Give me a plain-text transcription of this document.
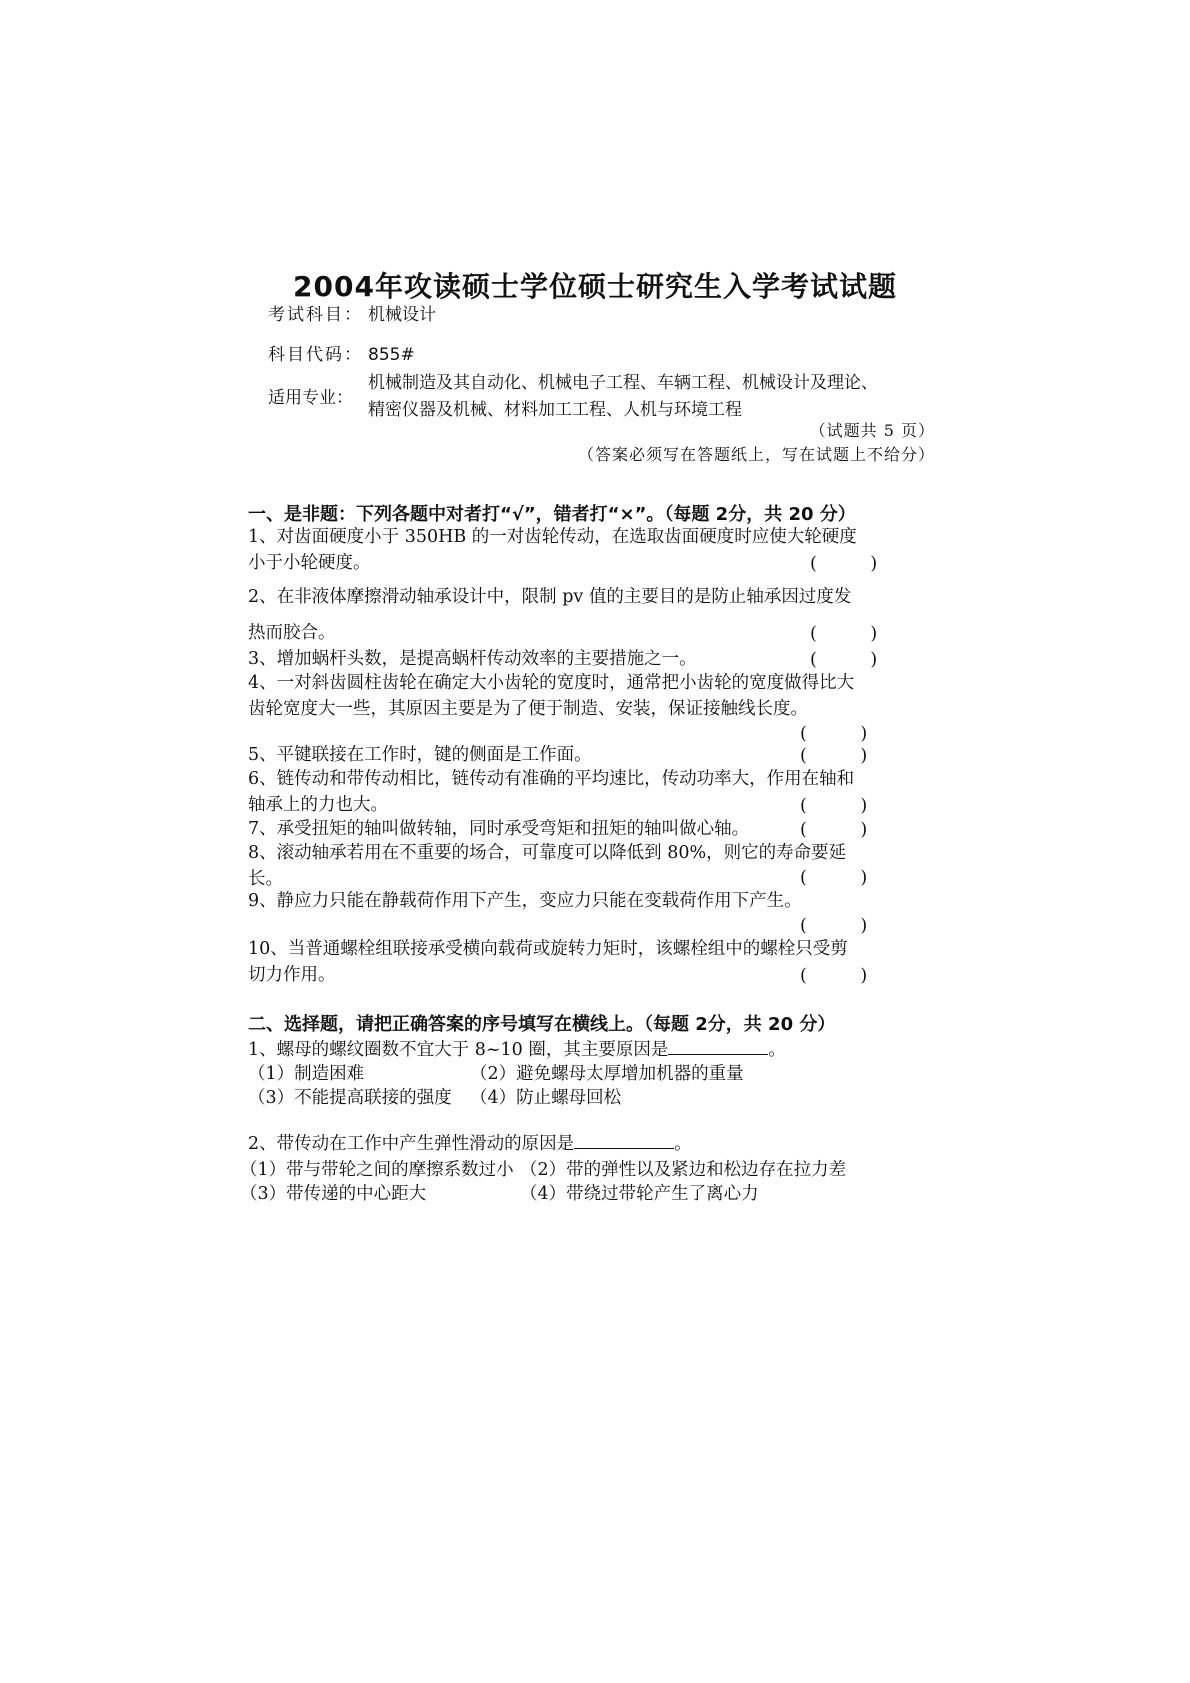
2004年攻读硕士学位硕士研究生入学考试试题
考试科目： 机械设计
科目代码： 855#
适用专业：
机械制造及其自动化、机械电子工程、车辆工程、机械设计及理论、
精密仪器及机械、材料加工工程、人机与环境工程
（试题共 5 页）
（答案必须写在答题纸上，写在试题上不给分）
一、是非题：下列各题中对者打“√”，错者打“×”。（每题 2分，共 20 分）
1、对齿面硬度小于 350HB 的一对齿轮传动，在选取齿面硬度时应使大轮硬度
小于小轮硬度。	(　)
2、在非液体摩擦滑动轴承设计中，限制 pv 值的主要目的是防止轴承因过度发
热而胶合。	(　)
3、增加蜗杆头数，是提高蜗杆传动效率的主要措施之一。	(　)
4、一对斜齿圆柱齿轮在确定大小齿轮的宽度时，通常把小齿轮的宽度做得比大
齿轮宽度大一些，其原因主要是为了便于制造、安装，保证接触线长度。
(　)
5、平键联接在工作时，键的侧面是工作面。	(　)
6、链传动和带传动相比，链传动有准确的平均速比，传动功率大，作用在轴和
轴承上的力也大。	(　)
7、承受扭矩的轴叫做转轴，同时承受弯矩和扭矩的轴叫做心轴。	(　)
8、滚动轴承若用在不重要的场合，可靠度可以降低到 80%，则它的寿命要延
长。	(　)
9、静应力只能在静载荷作用下产生，变应力只能在变载荷作用下产生。
(　)
10、当普通螺栓组联接承受横向载荷或旋转力矩时，该螺栓组中的螺栓只受剪
切力作用。	(　)
二、选择题，请把正确答案的序号填写在横线上。（每题 2分，共 20 分）
1、螺母的螺纹圈数不宜大于 8~10 圈，其主要原因是	。
（1）制造困难	（2）避免螺母太厚增加机器的重量
（3）不能提高联接的强度 （4）防止螺母回松
2、带传动在工作中产生弹性滑动的原因是	。
（1）带与带轮之间的摩擦系数过小 （2）带的弹性以及紧边和松边存在拉力差
（3）带传递的中心距大	（4）带绕过带轮产生了离心力
